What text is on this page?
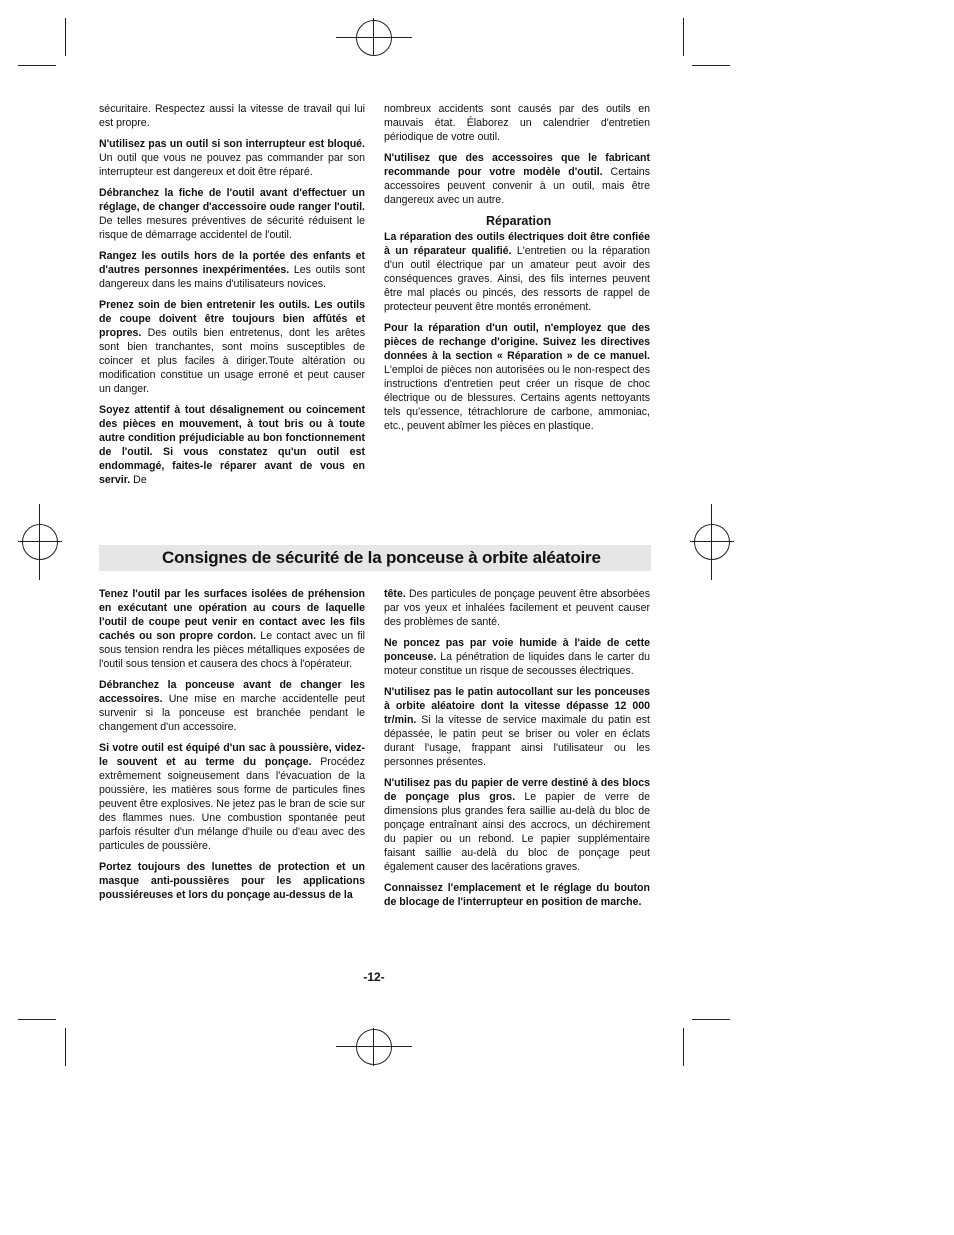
sécuritaire. Respectez aussi la vitesse de travail qui lui est propre.

N'utilisez pas un outil si son interrupteur est bloqué. Un outil que vous ne pouvez pas commander par son interrupteur est dangereux et doit être réparé.

Débranchez la fiche de l'outil avant d'effectuer un réglage, de changer d'accessoire oude ranger l'outil. De telles mesures préventives de sécurité réduisent le risque de démarrage accidentel de l'outil.

Rangez les outils hors de la portée des enfants et d'autres personnes inexpérimentées. Les outils sont dangereux dans les mains d'utilisateurs novices.

Prenez soin de bien entretenir les outils. Les outils de coupe doivent être toujours bien affûtés et propres. Des outils bien entretenus, dont les arêtes sont bien tranchantes, sont moins susceptibles de coincer et plus faciles à diriger.Toute altération ou modification constitue un usage erroné et peut causer un danger.

Soyez attentif à tout désalignement ou coincement des pièces en mouvement, à tout bris ou à toute autre condition préjudiciable au bon fonctionnement de l'outil. Si vous constatez qu'un outil est endommagé, faites-le réparer avant de vous en servir. De

nombreux accidents sont causés par des outils en mauvais état. Élaborez un calendrier d'entretien périodique de votre outil.

N'utilisez que des accessoires que le fabricant recommande pour votre modèle d'outil. Certains accessoires peuvent convenir à un outil, mais être dangereux avec un autre.

Réparation

La réparation des outils électriques doit être confiée à un réparateur qualifié. L'entretien ou la réparation d'un outil électrique par un amateur peut avoir des conséquences graves. Ainsi, des fils internes peuvent être mal placés ou pincés, des ressorts de rappel de protecteur peuvent être montés erronément.

Pour la réparation d'un outil, n'employez que des pièces de rechange d'origine. Suivez les directives données à la section « Réparation » de ce manuel. L'emploi de pièces non autorisées ou le non-respect des instructions d'entretien peut créer un risque de choc électrique ou de blessures. Certains agents nettoyants tels qu'essence, tétrachlorure de carbone, ammoniac, etc., peuvent abîmer les pièces en plastique.

Consignes de sécurité de la ponceuse à orbite aléatoire

Tenez l'outil par les surfaces isolées de préhension en exécutant une opération au cours de laquelle l'outil de coupe peut venir en contact avec les fils cachés ou son propre cordon. Le contact avec un fil sous tension rendra les pièces métalliques exposées de l'outil sous tension et causera des chocs à l'opérateur.

Débranchez la ponceuse avant de changer les accessoires. Une mise en marche accidentelle peut survenir si la ponceuse est branchée pendant le changement d'un accessoire.

Si votre outil est équipé d'un sac à poussière, videz-le souvent et au terme du ponçage. Procédez extrêmement soigneusement dans l'évacuation de la poussière, les matières sous forme de particules fines peuvent être explosives. Ne jetez pas le bran de scie sur des flammes nues. Une combustion spontanée peut parfois résulter d'un mélange d'huile ou d'eau avec des particules de poussière.

Portez toujours des lunettes de protection et un masque anti-poussières pour les applications poussiéreuses et lors du ponçage au-dessus de la

tête. Des particules de ponçage peuvent être absorbées par vos yeux et inhalées facilement et peuvent causer des problèmes de santé.

Ne poncez pas par voie humide à l'aide de cette ponceuse. La pénétration de liquides dans le carter du moteur constitue un risque de secousses électriques.

N'utilisez pas le patin autocollant sur les ponceuses à orbite aléatoire dont la vitesse dépasse 12 000 tr/min. Si la vitesse de service maximale du patin est dépassée, le patin peut se briser ou voler en éclats durant l'usage, frappant ainsi l'utilisateur ou les personnes présentes.

N'utilisez pas du papier de verre destiné à des blocs de ponçage plus gros. Le papier de verre de dimensions plus grandes fera saillie au-delà du bloc de ponçage entraînant ainsi des accrocs, un déchirement du papier ou un rebond. Le papier supplémentaire faisant saillie au-delà du bloc de ponçage peut également causer des lacérations graves.

Connaissez l'emplacement et le réglage du bouton de blocage de l'interrupteur en position de marche.

-12-
